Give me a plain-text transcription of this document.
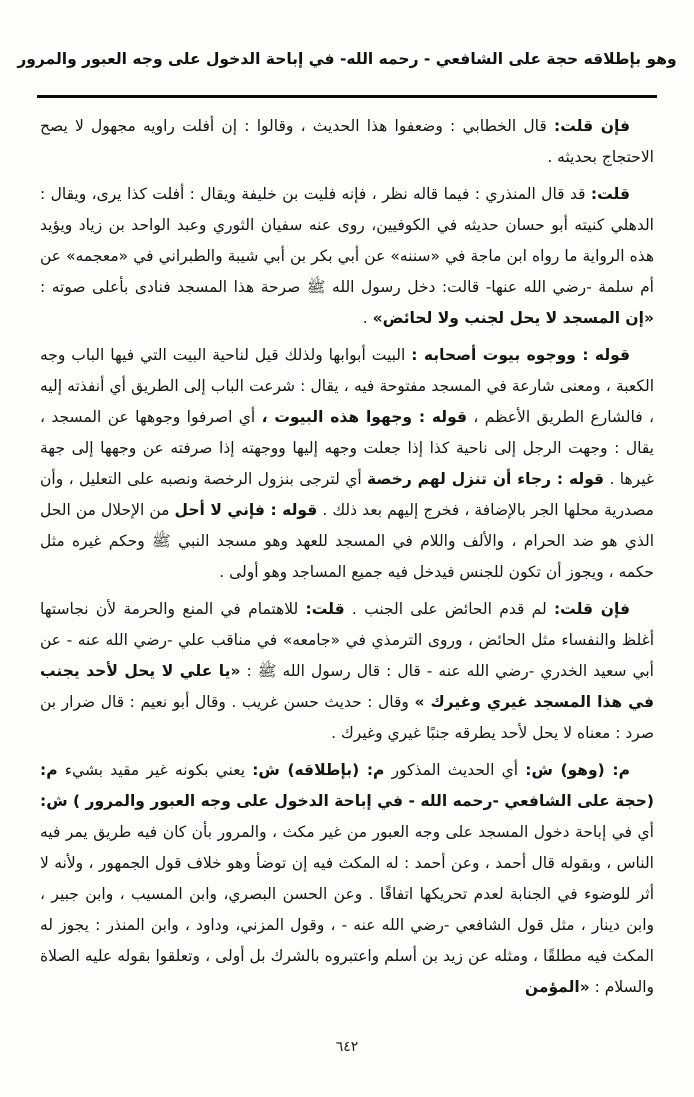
وهو بإطلاقه حجة على الشافعي - رحمه الله- في إباحة الدخول على وجه العبور والمرور

فإن قلت: قال الخطابي : وضعفوا هذا الحديث ، وقالوا : إن أفلت راويه مجهول لا يصح الاحتجاج بحديثه .

قلت: قد قال المنذري : فيما قاله نظر ، فإنه فليت بن خليفة ويقال : أفلت كذا يرى، ويقال : الدهلي كنيته أبو حسان حديثه في الكوفيين، روى عنه سفيان الثوري وعبد الواحد بن زياد ويؤيد هذه الرواية ما رواه ابن ماجة في «سننه» عن أبي بكر بن أبي شيبة والطبراني في «معجمه» عن أم سلمة -رضي الله عنها- قالت: دخل رسول الله ﷺ صرحة هذا المسجد فنادى بأعلى صوته : «إن المسجد لا يحل لجنب ولا لحائض» .

قوله : ووجوه بيوت أصحابه : البيت أبوابها ولذلك قيل لناحية البيت التي فيها الباب وجه الكعبة ، ومعنى شارعة في المسجد مفتوحة فيه ، يقال : شرعت الباب إلى الطريق أي أنفذته إليه ، فالشارع الطريق الأعظم ، قوله : وجهوا هذه البيوت ، أي اصرفوا وجوهها عن المسجد ، يقال : وجهت الرجل إلى ناحية كذا إذا جعلت وجهه إليها ووجهته إذا صرفته عن وجهها إلى جهة غيرها . قوله : رجاء أن تنزل لهم رخصة أي لترجى بنزول الرخصة ونصبه على التعليل ، وأن مصدرية محلها الجر بالإضافة ، فخرج إليهم بعد ذلك . قوله : فإني لا أحل من الإحلال من الحل الذي هو ضد الحرام ، والألف واللام في المسجد للعهد وهو مسجد النبي ﷺ وحكم غيره مثل حكمه ، ويجوز أن تكون للجنس فيدخل فيه جميع المساجد وهو أولى .

فإن قلت: لم قدم الحائض على الجنب . قلت: للاهتمام في المنع والحرمة لأن نجاستها أغلظ والنفساء مثل الحائض ، وروى الترمذي في «جامعه» في مناقب علي -رضي الله عنه - عن أبي سعيد الخدري -رضي الله عنه - قال : قال رسول الله ﷺ : «يا علي لا يحل لأحد يجنب في هذا المسجد غيري وغيرك » وقال : حديث حسن غريب . وقال أبو نعيم : قال ضرار بن صرد : معناه لا يحل لأحد يطرقه جنبًا غيري وغيرك .

م: (وهو) ش: أي الحديث المذكور م: (بإطلاقه) ش: يعني بكونه غير مقيد بشيء م: (حجة على الشافعي -رحمه الله - في إباحة الدخول على وجه العبور والمرور ) ش: أي في إباحة دخول المسجد على وجه العبور من غير مكث ، والمرور بأن كان فيه طريق يمر فيه الناس ، وبقوله قال أحمد ، وعن أحمد : له المكث فيه إن توضأ وهو خلاف قول الجمهور ، ولأنه لا أثر للوضوء في الجنابة لعدم تحريكها اتفاقًا . وعن الحسن البصري، وابن المسيب ، وابن جبير ، وابن دينار ، مثل قول الشافعي -رضي الله عنه - ، وقول المزني، وداود ، وابن المنذر : يجوز له المكث فيه مطلقًا ، ومثله عن زيد بن أسلم واعتبروه بالشرك بل أولى ، وتعلقوا بقوله عليه الصلاة والسلام : «المؤمن

٦٤٢
